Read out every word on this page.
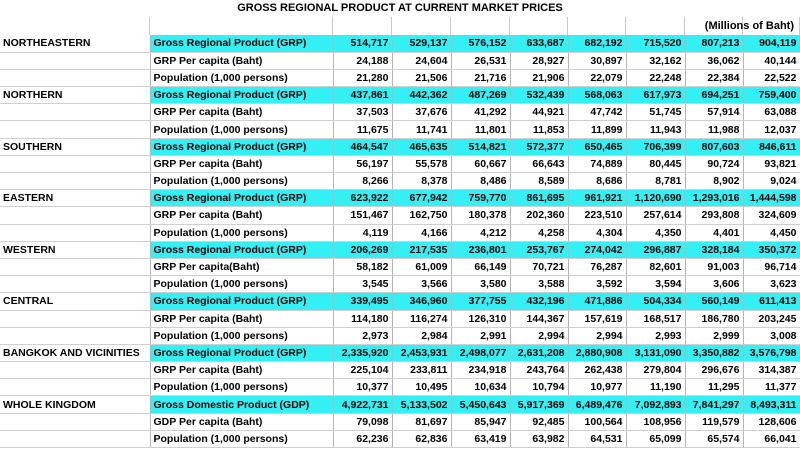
GROSS REGIONAL PRODUCT AT CURRENT MARKET PRICES
(Millions of Baht)
NORTHEASTERN	Gross Regional Product (GRP)	514,717	529,137	576,152	633,687	682,192	715,520	807,213	904,119
	GRP Per capita (Baht)	24,188	24,604	26,531	28,927	30,897	32,162	36,062	40,144
	Population (1,000 persons)	21,280	21,506	21,716	21,906	22,079	22,248	22,384	22,522
NORTHERN	Gross Regional Product (GRP)	437,861	442,362	487,269	532,439	568,063	617,973	694,251	759,400
	GRP Per capita (Baht)	37,503	37,676	41,292	44,921	47,742	51,745	57,914	63,088
	Population (1,000 persons)	11,675	11,741	11,801	11,853	11,899	11,943	11,988	12,037
SOUTHERN	Gross Regional Product (GRP)	464,547	465,635	514,821	572,377	650,465	706,399	807,603	846,611
	GRP Per capita (Baht)	56,197	55,578	60,667	66,643	74,889	80,445	90,724	93,821
	Population (1,000 persons)	8,266	8,378	8,486	8,589	8,686	8,781	8,902	9,024
EASTERN	Gross Regional Product (GRP)	623,922	677,942	759,770	861,695	961,921	1,120,690	1,293,016	1,444,598
	GRP Per capita (Baht)	151,467	162,750	180,378	202,360	223,510	257,614	293,808	324,609
	Population (1,000 persons)	4,119	4,166	4,212	4,258	4,304	4,350	4,401	4,450
WESTERN	Gross Regional Product (GRP)	206,269	217,535	236,801	253,767	274,042	296,887	328,184	350,372
	GRP Per capita(Baht)	58,182	61,009	66,149	70,721	76,287	82,601	91,003	96,714
	Population (1,000 persons)	3,545	3,566	3,580	3,588	3,592	3,594	3,606	3,623
CENTRAL	Gross Regional Product (GRP)	339,495	346,960	377,755	432,196	471,886	504,334	560,149	611,413
	GRP Per capita (Baht)	114,180	116,274	126,310	144,367	157,619	168,517	186,780	203,245
	Population (1,000 persons)	2,973	2,984	2,991	2,994	2,994	2,993	2,999	3,008
BANGKOK AND VICINITIES	Gross Regional Product (GRP)	2,335,920	2,453,931	2,498,077	2,631,208	2,880,908	3,131,090	3,350,882	3,576,798
	GRP Per capita (Baht)	225,104	233,811	234,918	243,764	262,438	279,804	296,676	314,387
	Population (1,000 persons)	10,377	10,495	10,634	10,794	10,977	11,190	11,295	11,377
WHOLE KINGDOM	Gross Domestic Product (GDP)	4,922,731	5,133,502	5,450,643	5,917,369	6,489,476	7,092,893	7,841,297	8,493,311
	GDP Per capita (Baht)	79,098	81,697	85,947	92,485	100,564	108,956	119,579	128,606
	Population (1,000 persons)	62,236	62,836	63,419	63,982	64,531	65,099	65,574	66,041
